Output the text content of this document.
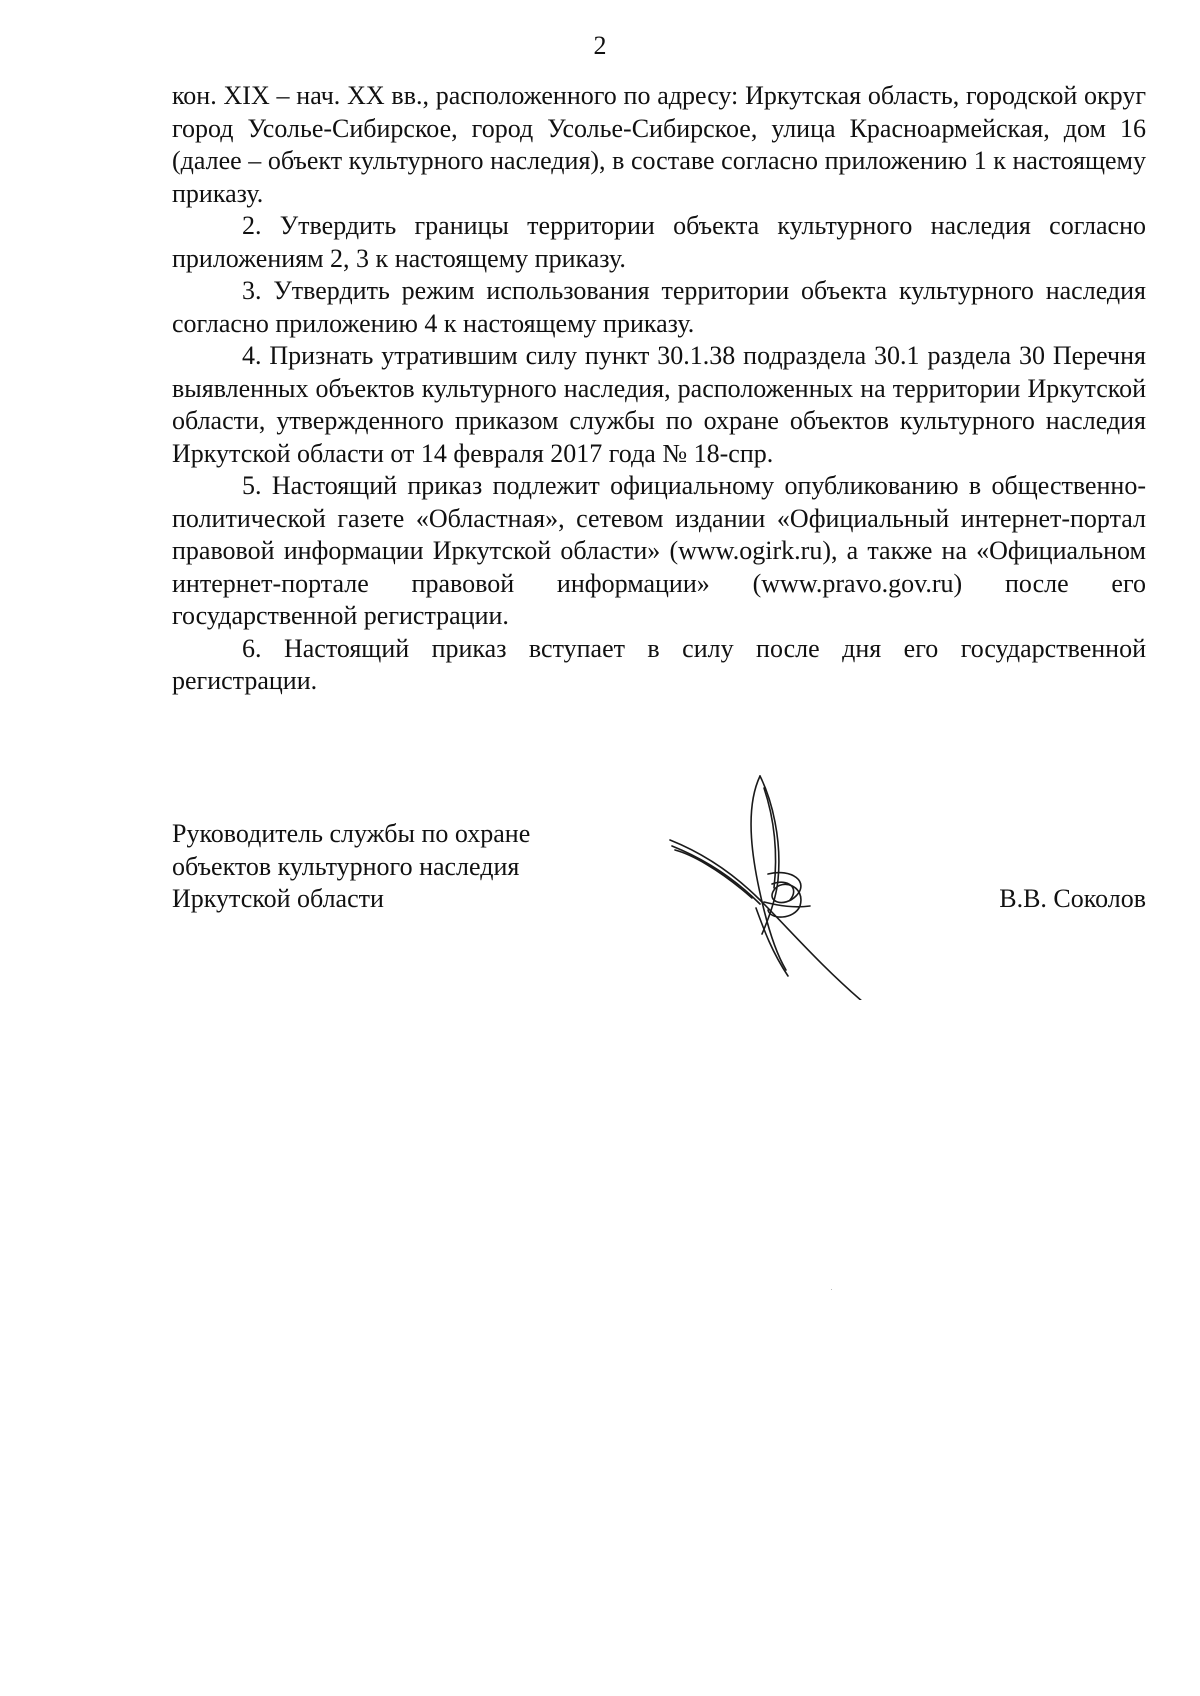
2

кон. XIX – нач. XX вв., расположенного по адресу: Иркутская область, городской округ город Усолье-Сибирское, город Усолье-Сибирское, улица Красноармейская, дом 16 (далее – объект культурного наследия), в составе согласно приложению 1 к настоящему приказу.

2. Утвердить границы территории объекта культурного наследия согласно приложениям 2, 3 к настоящему приказу.

3. Утвердить режим использования территории объекта культурного наследия согласно приложению 4 к настоящему приказу.

4. Признать утратившим силу пункт 30.1.38 подраздела 30.1 раздела 30 Перечня выявленных объектов культурного наследия, расположенных на территории Иркутской области, утвержденного приказом службы по охране объектов культурного наследия Иркутской области от 14 февраля 2017 года № 18-спр.

5. Настоящий приказ подлежит официальному опубликованию в общественно-политической газете «Областная», сетевом издании «Официальный интернет-портал правовой информации Иркутской области» (www.ogirk.ru), а также на «Официальном интернет-портале правовой информации» (www.pravo.gov.ru) после его государственной регистрации.

6. Настоящий приказ вступает в силу после дня его государственной регистрации.

Руководитель службы по охране
объектов культурного наследия
Иркутской области	В.В. Соколов
